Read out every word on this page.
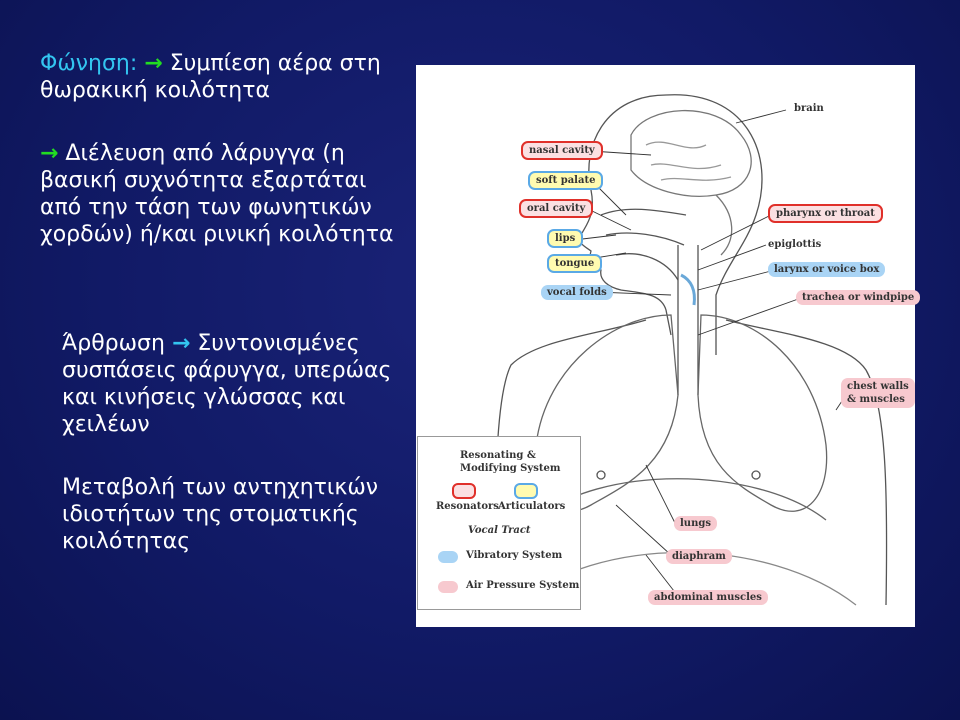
Φώνηση: → Συμπίεση αέρα στη θωρακική κοιλότητα

→ Διέλευση από λάρυγγα (η βασική συχνότητα εξαρτάται από την τάση των φωνητικών χορδών) ή/και ρινική κοιλότητα

Άρθρωση → Συντονισμένες συσπάσεις φάρυγγα, υπερώας και κινήσεις γλώσσας και χειλέων

Μεταβολή των αντηχητικών ιδιοτήτων της στοματικής κοιλότητας

brain
nasal cavity
soft palate
oral cavity
lips
tongue
vocal folds
pharynx or throat
epiglottis
larynx or voice box
trachea or windpipe
chest walls
& muscles
lungs
diaphram
abdominal muscles
Resonating &
Modifying System
Resonators Articulators
Vocal Tract
Vibratory System
Air Pressure System
